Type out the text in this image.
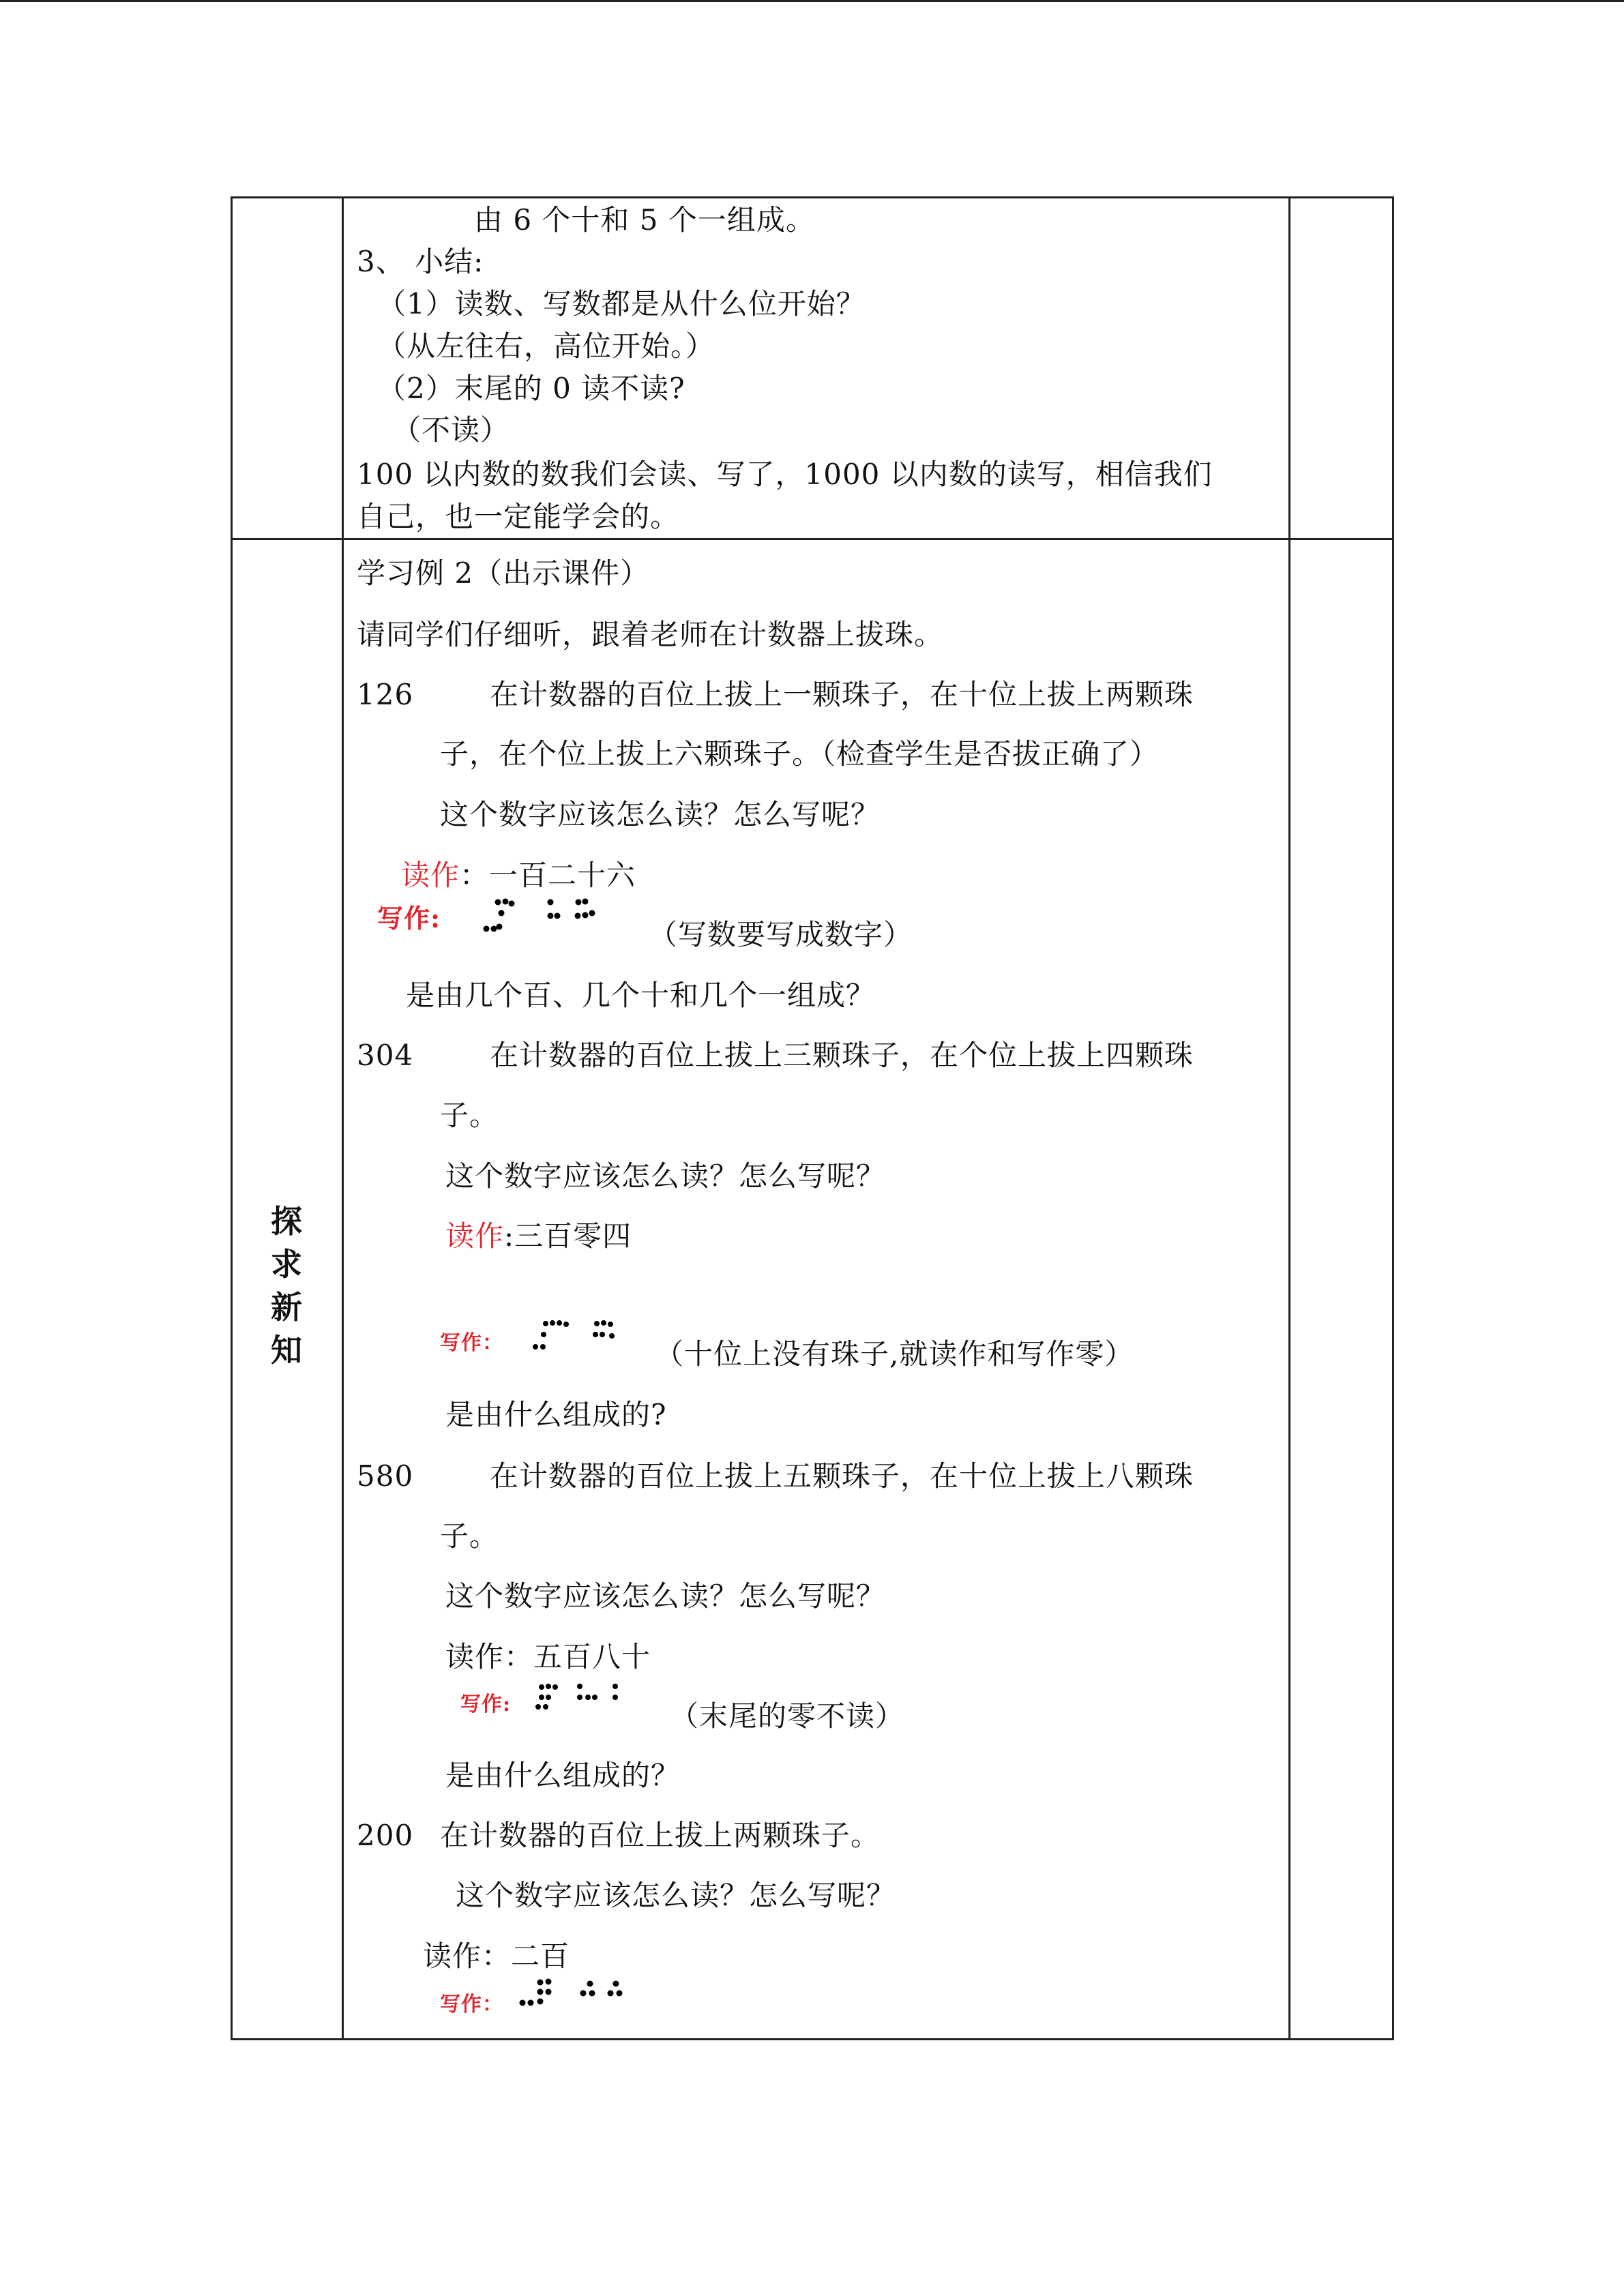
由 6 个十和 5 个一组成。
3、 小结:
（1）读数、写数都是从什么位开始？
（从左往右，高位开始。）
（2）末尾的 0 读不读?
（不读）
100 以内数的数我们会读、写了，1000 以内数的读写，相信我们
自己，也一定能学会的。
探
求
新
知
学习例 2（出示课件）
请同学们仔细听，跟着老师在计数器上拔珠。
126	在计数器的百位上拔上一颗珠子，在十位上拔上两颗珠
子，在个位上拔上六颗珠子。（检查学生是否拔正确了）
这个数字应该怎么读？怎么写呢？
读作：一百二十六
写作:	（写数要写成数字）
是由几个百、几个十和几个一组成？
304	在计数器的百位上拔上三颗珠子，在个位上拔上四颗珠
子。
这个数字应该怎么读？怎么写呢？
读作:三百零四
写作：	（十位上没有珠子,就读作和写作零）
是由什么组成的?
580	在计数器的百位上拔上五颗珠子，在十位上拔上八颗珠
子。
这个数字应该怎么读？怎么写呢？
读作：五百八十
写作:	（末尾的零不读）
是由什么组成的？
200 在计数器的百位上拔上两颗珠子。
这个数字应该怎么读？怎么写呢？
读作：二百
写作：
